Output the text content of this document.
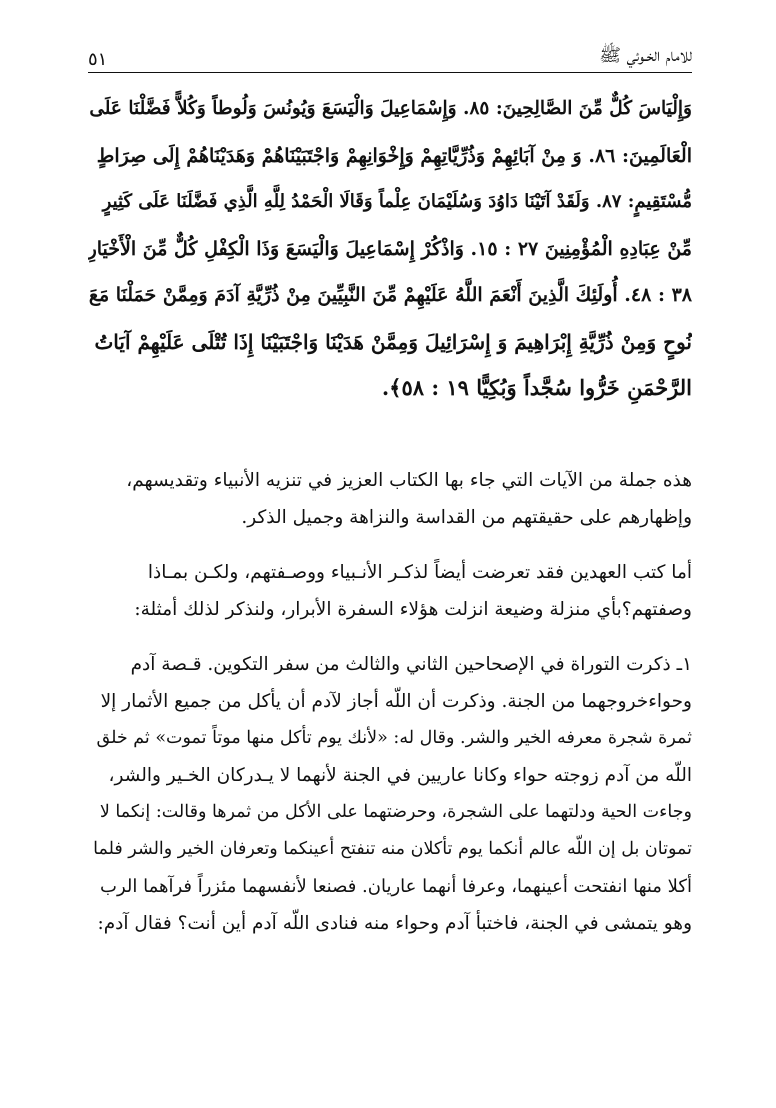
للامام الخـوئي ﷺ
٥١
وَإِلْيَاسَ كُلٌّ مِّنَ الصَّالِحِينَ: ٨٥. وَإِسْمَاعِيلَ وَالْيَسَعَ وَيُونُسَ وَلُوطاً وَكُلاًّ فَضَّلْنَا عَلَى
الْعَالَمِينَ: ٨٦. وَ مِنْ آبَائِهِمْ وَذُرِّيَّاتِهِمْ وَإِخْوَانِهِمْ وَاجْتَبَيْنَاهُمْ وَهَدَيْنَاهُمْ إِلَى صِرَاطٍ
مُّسْتَقِيمٍ: ٨٧. وَلَقَدْ آتَيْنَا دَاوُدَ وَسُلَيْمَانَ عِلْماً وَقَالَا الْحَمْدُ لِلَّهِ الَّذِي فَضَّلَنَا عَلَى كَثِيرٍ
مِّنْ عِبَادِهِ الْمُؤْمِنِينَ ٢٧ : ١٥. وَاذْكُرْ إِسْمَاعِيلَ وَالْيَسَعَ وَذَا الْكِفْلِ كُلٌّ مِّنَ الْأَخْيَارِ
٣٨ : ٤٨. أُولَئِكَ الَّذِينَ أَنْعَمَ اللَّهُ عَلَيْهِمْ مِّنَ النَّبِيِّينَ مِنْ ذُرِّيَّةِ آدَمَ وَمِمَّنْ حَمَلْنَا مَعَ
نُوحٍ وَمِنْ ذُرِّيَّةِ إِبْرَاهِيمَ وَ إِسْرَائِيلَ وَمِمَّنْ هَدَيْنَا وَاجْتَبَيْنَا إِذَا تُتْلَى عَلَيْهِمْ آيَاتُ
الرَّحْمَنِ خَرُّوا سُجَّداً وَبُكِيًّا ١٩ : ٥٨﴾.
هذه جملة من الآيات التي جاء بها الكتاب العزيز في تنزيه الأنبياء وتقديسهم،
وإظهارهم على حقيقتهم من القداسة والنزاهة وجميل الذكر.
أما كتب العهدين فقد تعرضت أيضاً لذكـر الأنـبياء ووصـفتهم، ولكـن بمـاذا
وصفتهم؟بأي منزلة وضيعة انزلت هؤلاء السفرة الأبرار، ولنذكر لذلك أمثلة:
١ـ ذكرت التوراة في الإصحاحين الثاني والثالث من سفر التكوين. قـصة آدم
وحواءخروجهما من الجنة. وذكرت أن اللّه أجاز لآدم أن يأكل من جميع الأثمار إلا
ثمرة شجرة معرفه الخير والشر. وقال له: «لأنك يوم تأكل منها موتاً تموت» ثم خلق
اللّه من آدم زوجته حواء وكانا عاريين في الجنة لأنهما لا يـدركان الخـير والشر،
وجاءت الحية ودلتهما على الشجرة، وحرضتهما على الأكل من ثمرها وقالت: إنكما لا
تموتان بل إن اللّه عالم أنكما يوم تأكلان منه تنفتح أعينكما وتعرفان الخير والشر فلما
أكلا منها انفتحت أعينهما، وعرفا أنهما عاريان. فصنعا لأنفسهما مئزراً فرآهما الرب
وهو يتمشى في الجنة، فاختبأ آدم وحواء منه فنادى اللّه آدم أين أنت؟ فقال آدم:
